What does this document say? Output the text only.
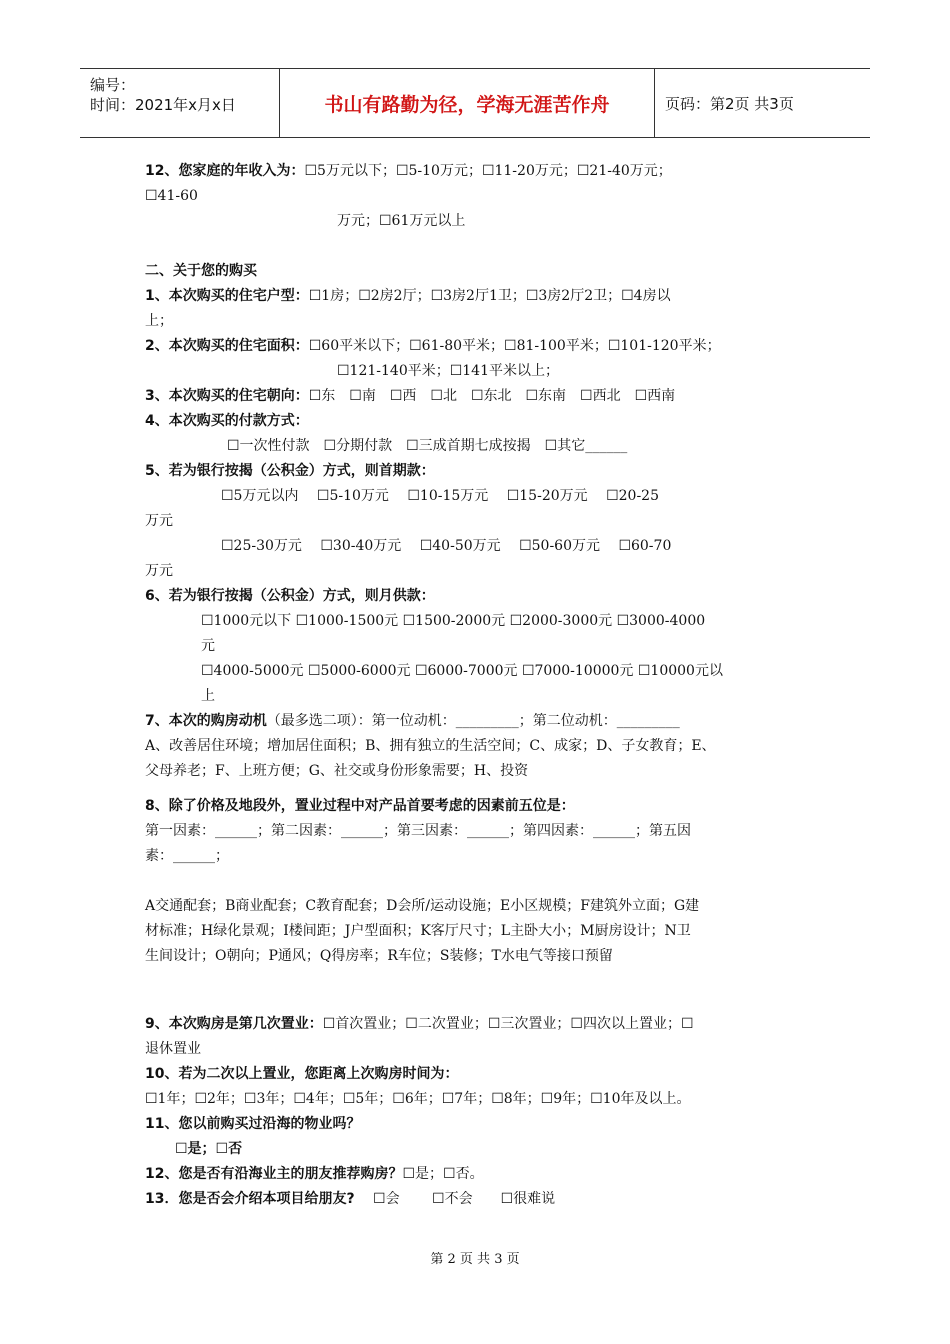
编号：
时间：2021年x月x日	书山有路勤为径，学海无涯苦作舟	页码：第2页 共3页
12、您家庭的年收入为：☐5万元以下；☐5-10万元；☐11-20万元；☐21-40万元；
☐41-60
万元；☐61万元以上
二、关于您的购买
1、本次购买的住宅户型：☐1房；☐2房2厅；☐3房2厅1卫；☐3房2厅2卫；☐4房以
上；
2、本次购买的住宅面积：☐60平米以下；☐61-80平米；☐81-100平米；☐101-120平米；
☐121-140平米；☐141平米以上；
3、本次购买的住宅朝向：☐东　☐南　☐西　☐北　☐东北　☐东南　☐西北　☐西南
4、本次购买的付款方式：
☐一次性付款　☐分期付款　☐三成首期七成按揭　☐其它______
5、若为银行按揭（公积金）方式，则首期款：
☐5万元以内　 ☐5-10万元　 ☐10-15万元　 ☐15-20万元　 ☐20-25
万元
☐25-30万元　 ☐30-40万元　 ☐40-50万元　 ☐50-60万元　 ☐60-70
万元
6、若为银行按揭（公积金）方式，则月供款：
☐1000元以下 ☐1000-1500元 ☐1500-2000元 ☐2000-3000元 ☐3000-4000
元
☐4000-5000元 ☐5000-6000元 ☐6000-7000元 ☐7000-10000元 ☐10000元以
上
7、本次的购房动机（最多选二项）：第一位动机：_________；第二位动机：_________
A、改善居住环境；增加居住面积；B、拥有独立的生活空间；C、成家；D、子女教育；E、
父母养老；F、上班方便；G、社交或身份形象需要；H、投资
8、除了价格及地段外，置业过程中对产品首要考虑的因素前五位是：
第一因素：______；第二因素：______；第三因素：______；第四因素：______；第五因
素：______；
A交通配套；B商业配套；C教育配套；D会所/运动设施；E小区规模；F建筑外立面；G建
材标准；H绿化景观；I楼间距；J户型面积；K客厅尺寸；L主卧大小；M厨房设计；N卫
生间设计；O朝向；P通风；Q得房率；R车位；S装修；T水电气等接口预留
9、本次购房是第几次置业：☐首次置业；☐二次置业；☐三次置业；☐四次以上置业；☐
退休置业
10、若为二次以上置业，您距离上次购房时间为：
☐1年；☐2年；☐3年；☐4年；☐5年；☐6年；☐7年；☐8年；☐9年；☐10年及以上。
11、您以前购买过沿海的物业吗？
☐是；☐否
12、您是否有沿海业主的朋友推荐购房？☐是；☐否。
13．您是否会介绍本项目给朋友?　 ☐会　　 ☐不会　　☐很难说
第 2 页 共 3 页
